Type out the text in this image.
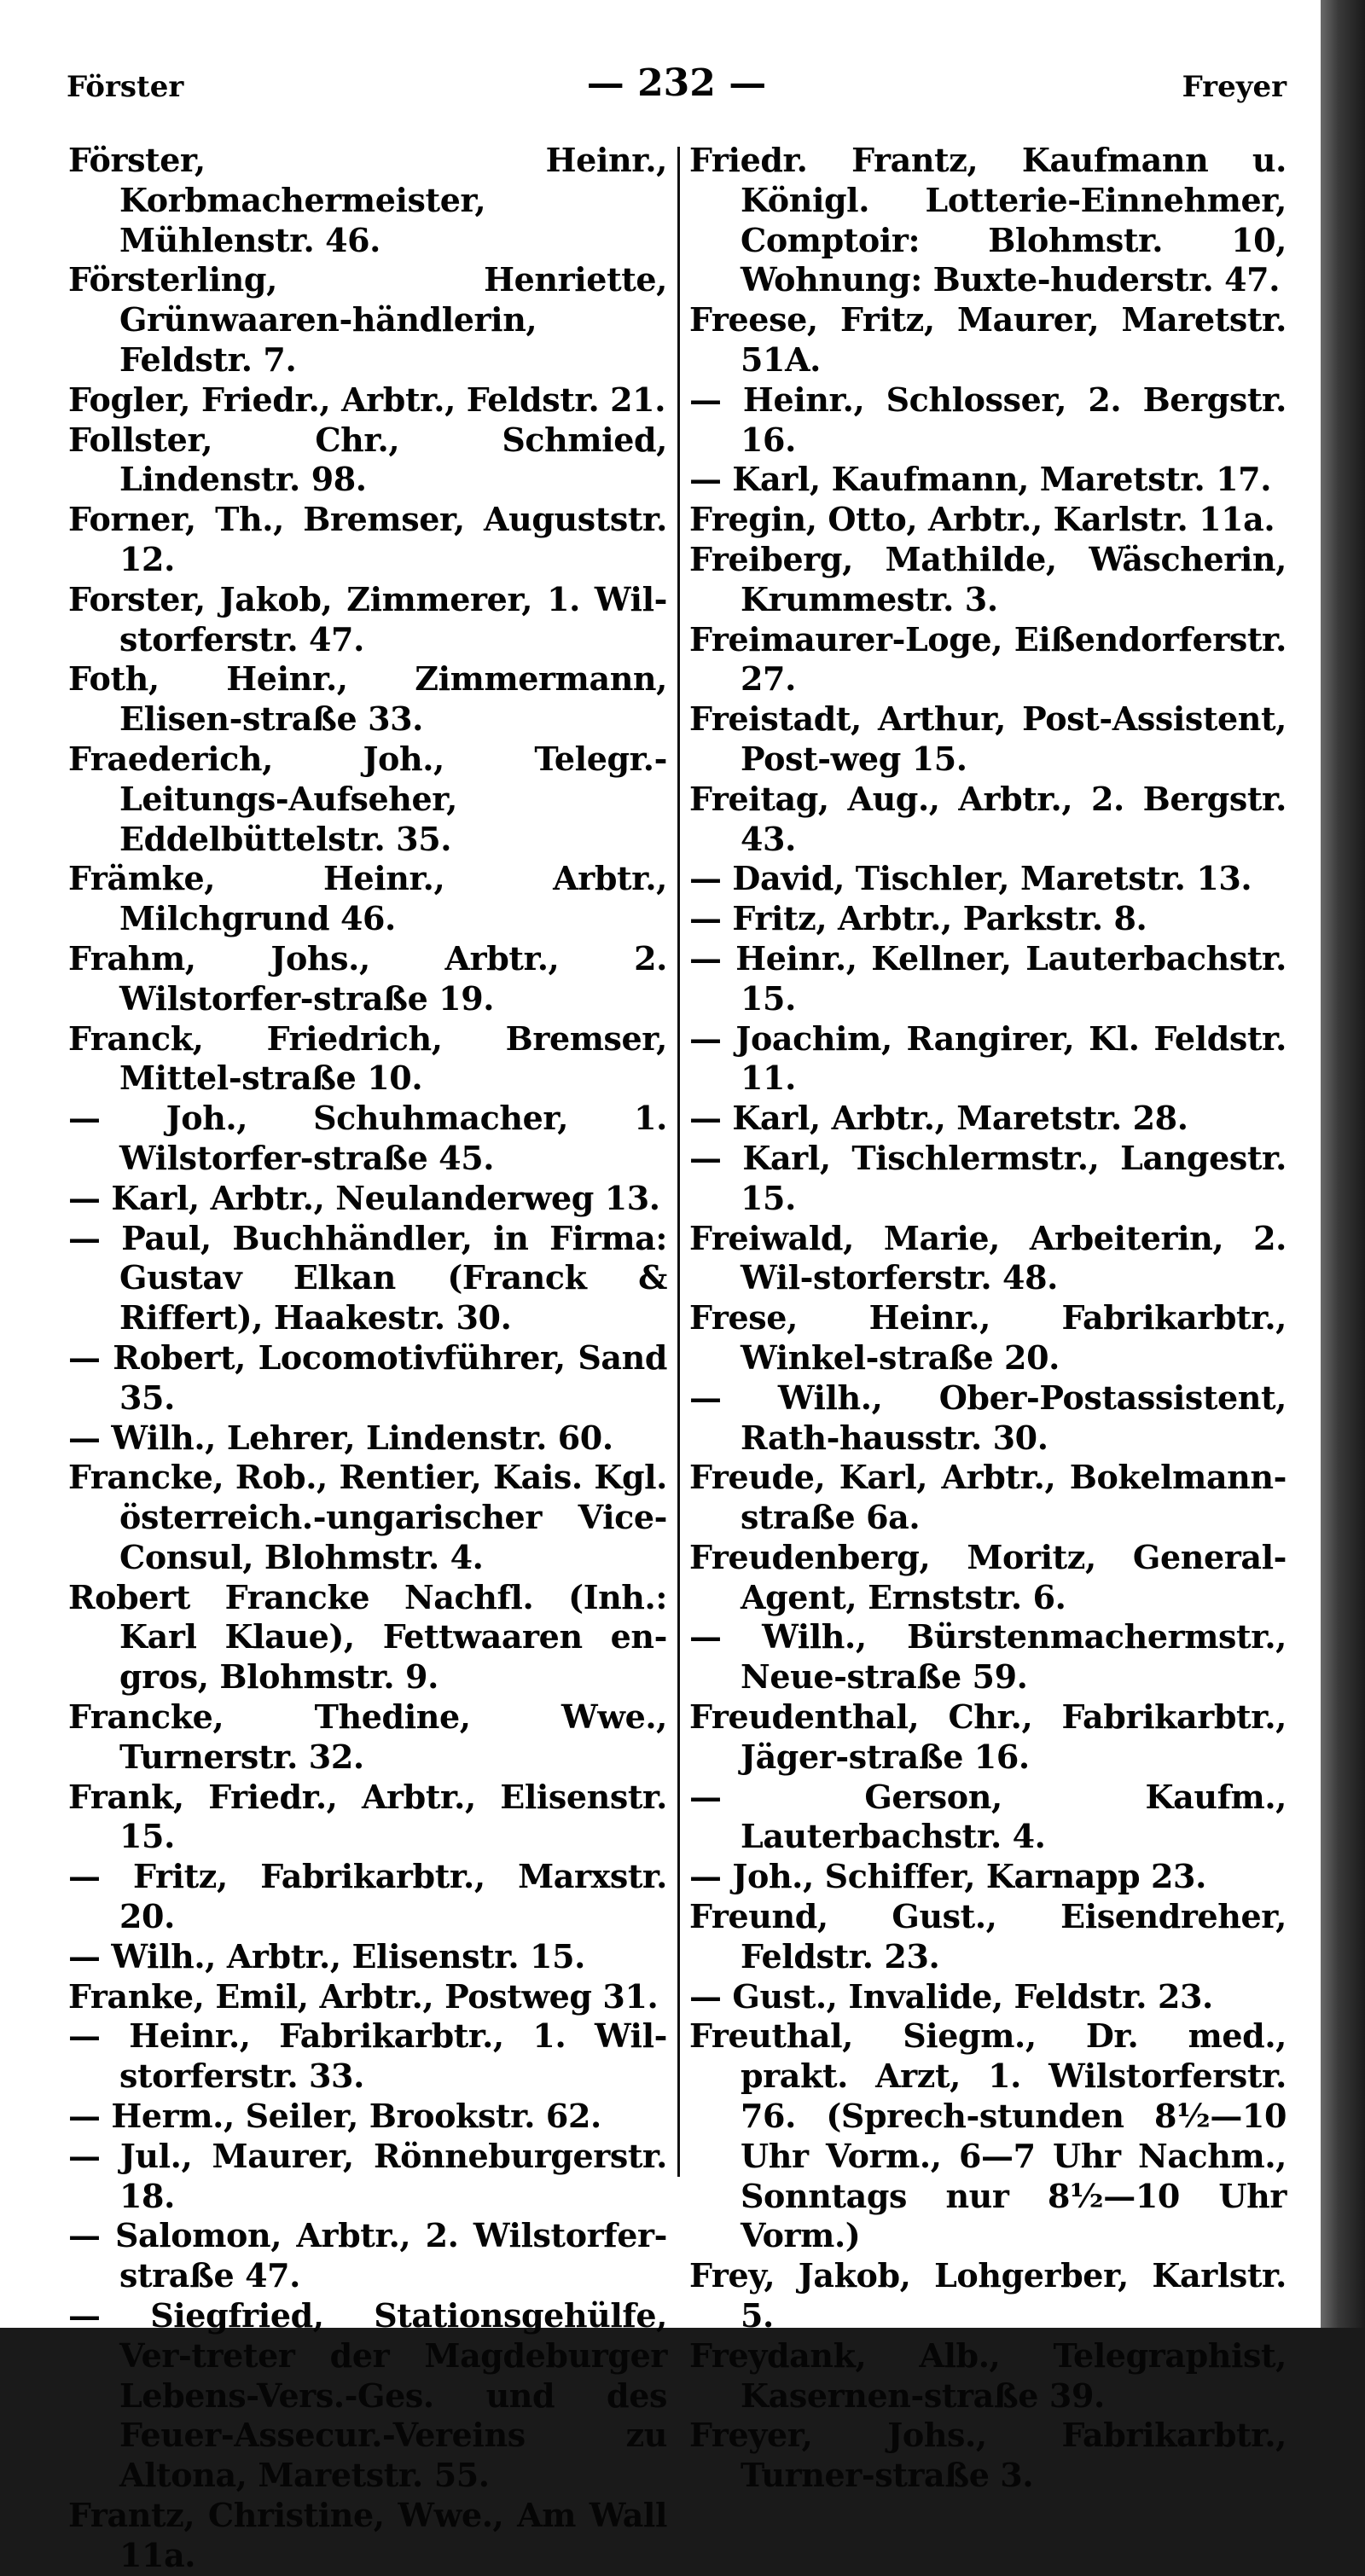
Förster	— 232 —	Freyer

Förster, Heinr., Korbmachermeister, Mühlenstr. 46.

Försterling, Henriette, Grünwaaren-händlerin, Feldstr. 7.

Fogler, Friedr., Arbtr., Feldstr. 21.

Follster, Chr., Schmied, Lindenstr. 98.

Forner, Th., Bremser, Auguststr. 12.

Forster, Jakob, Zimmerer, 1. Wil-storferstr. 47.

Foth, Heinr., Zimmermann, Elisen-straße 33.

Fraederich, Joh., Telegr.-Leitungs-Aufseher, Eddelbüttelstr. 35.

Främke, Heinr., Arbtr., Milchgrund 46.

Frahm, Johs., Arbtr., 2. Wilstorfer-straße 19.

Franck, Friedrich, Bremser, Mittel-straße 10.

— Joh., Schuhmacher, 1. Wilstorfer-straße 45.

— Karl, Arbtr., Neulanderweg 13.

— Paul, Buchhändler, in Firma: Gustav Elkan (Franck & Riffert), Haakestr. 30.

— Robert, Locomotivführer, Sand 35.

— Wilh., Lehrer, Lindenstr. 60.

Francke, Rob., Rentier, Kais. Kgl. österreich.-ungarischer Vice-Consul, Blohmstr. 4.

Robert Francke Nachfl. (Inh.: Karl Klaue), Fettwaaren en-gros, Blohmstr. 9.

Francke, Thedine, Wwe., Turnerstr. 32.

Frank, Friedr., Arbtr., Elisenstr. 15.

— Fritz, Fabrikarbtr., Marxstr. 20.

— Wilh., Arbtr., Elisenstr. 15.

Franke, Emil, Arbtr., Postweg 31.

— Heinr., Fabrikarbtr., 1. Wil-storferstr. 33.

— Herm., Seiler, Brookstr. 62.

— Jul., Maurer, Rönneburgerstr. 18.

— Salomon, Arbtr., 2. Wilstorfer-straße 47.

— Siegfried, Stationsgehülfe, Ver-treter der Magdeburger Lebens-Vers.-Ges. und des Feuer-Assecur.-Vereins zu Altona, Maretstr. 55.

Frantz, Christine, Wwe., Am Wall 11a.

Friedr. Frantz, Kaufmann u. Königl. Lotterie-Einnehmer, Comptoir: Blohmstr. 10, Wohnung: Buxte-huderstr. 47.

Freese, Fritz, Maurer, Maretstr. 51A.

— Heinr., Schlosser, 2. Bergstr. 16.

— Karl, Kaufmann, Maretstr. 17.

Fregin, Otto, Arbtr., Karlstr. 11a.

Freiberg, Mathilde, Wäscherin, Krummestr. 3.

Freimaurer-Loge, Eißendorferstr. 27.

Freistadt, Arthur, Post-Assistent, Post-weg 15.

Freitag, Aug., Arbtr., 2. Bergstr. 43.

— David, Tischler, Maretstr. 13.

— Fritz, Arbtr., Parkstr. 8.

— Heinr., Kellner, Lauterbachstr. 15.

— Joachim, Rangirer, Kl. Feldstr. 11.

— Karl, Arbtr., Maretstr. 28.

— Karl, Tischlermstr., Langestr. 15.

Freiwald, Marie, Arbeiterin, 2. Wil-storferstr. 48.

Frese, Heinr., Fabrikarbtr., Winkel-straße 20.

— Wilh., Ober-Postassistent, Rath-hausstr. 30.

Freude, Karl, Arbtr., Bokelmann-straße 6a.

Freudenberg, Moritz, General-Agent, Ernststr. 6.

— Wilh., Bürstenmachermstr., Neue-straße 59.

Freudenthal, Chr., Fabrikarbtr., Jäger-straße 16.

— Gerson, Kaufm., Lauterbachstr. 4.

— Joh., Schiffer, Karnapp 23.

Freund, Gust., Eisendreher, Feldstr. 23.

— Gust., Invalide, Feldstr. 23.

Freuthal, Siegm., Dr. med., prakt. Arzt, 1. Wilstorferstr. 76. (Sprech-stunden 8½—10 Uhr Vorm., 6—7 Uhr Nachm., Sonntags nur 8½—10 Uhr Vorm.)

Frey, Jakob, Lohgerber, Karlstr. 5.

Freydank, Alb., Telegraphist, Kasernen-straße 39.

Freyer, Johs., Fabrikarbtr., Turner-straße 3.
